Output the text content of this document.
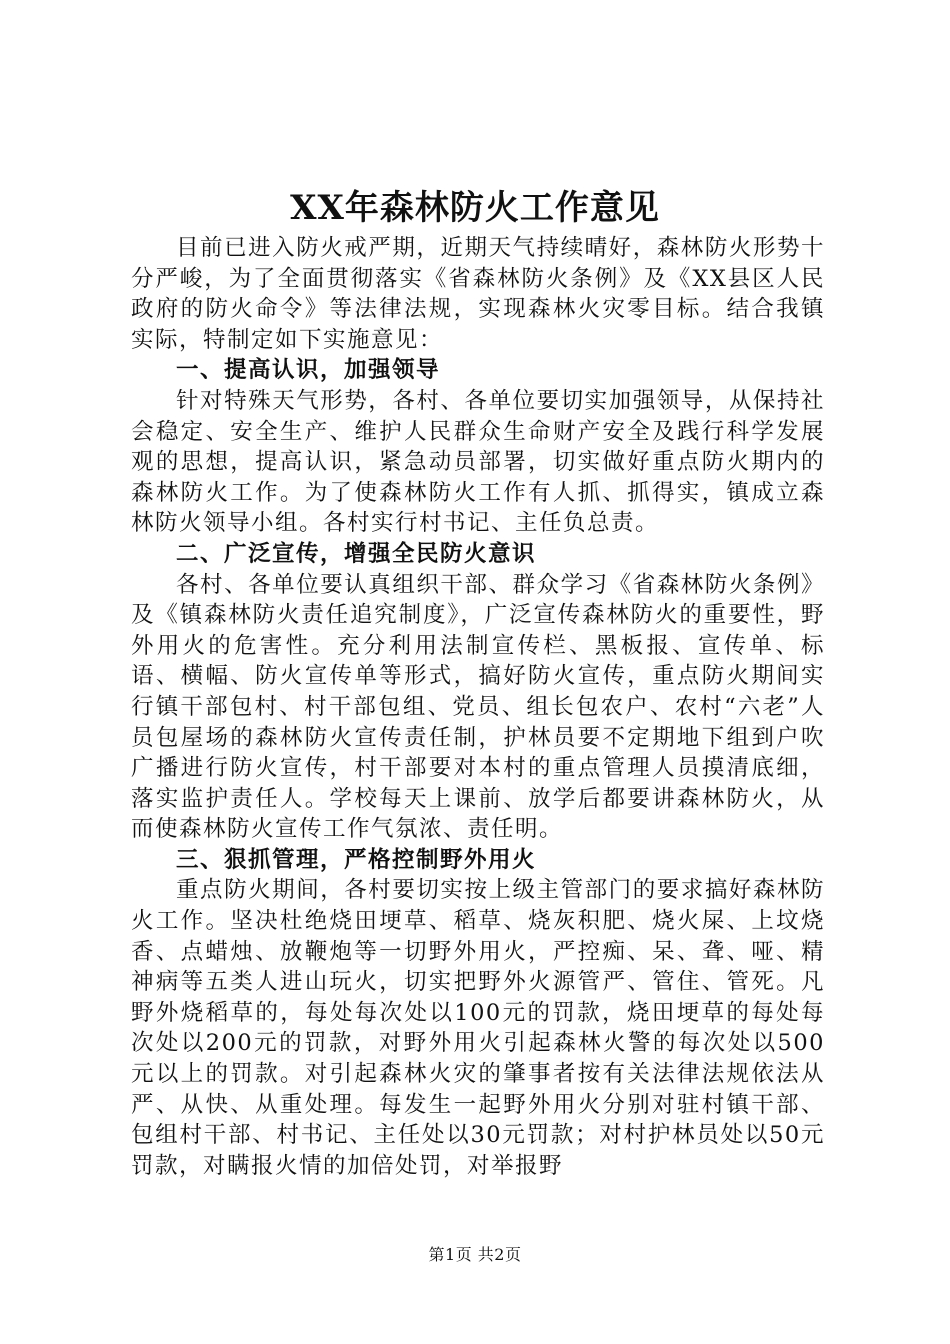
XX年森林防火工作意见

目前已进入防火戒严期，近期天气持续晴好，森林防火形势十分严峻，为了全面贯彻落实《省森林防火条例》及《XX县区人民政府的防火命令》等法律法规，实现森林火灾零目标。结合我镇实际，特制定如下实施意见：

一、提高认识，加强领导

针对特殊天气形势，各村、各单位要切实加强领导，从保持社会稳定、安全生产、维护人民群众生命财产安全及践行科学发展观的思想，提高认识，紧急动员部署，切实做好重点防火期内的森林防火工作。为了使森林防火工作有人抓、抓得实，镇成立森林防火领导小组。各村实行村书记、主任负总责。

二、广泛宣传，增强全民防火意识

各村、各单位要认真组织干部、群众学习《省森林防火条例》及《镇森林防火责任追究制度》，广泛宣传森林防火的重要性，野外用火的危害性。充分利用法制宣传栏、黑板报、宣传单、标语、横幅、防火宣传单等形式，搞好防火宣传，重点防火期间实行镇干部包村、村干部包组、党员、组长包农户、农村“六老”人员包屋场的森林防火宣传责任制，护林员要不定期地下组到户吹广播进行防火宣传，村干部要对本村的重点管理人员摸清底细，落实监护责任人。学校每天上课前、放学后都要讲森林防火，从而使森林防火宣传工作气氛浓、责任明。

三、狠抓管理，严格控制野外用火

重点防火期间，各村要切实按上级主管部门的要求搞好森林防火工作。坚决杜绝烧田埂草、稻草、烧灰积肥、烧火屎、上坟烧香、点蜡烛、放鞭炮等一切野外用火，严控痴、呆、聋、哑、精神病等五类人进山玩火，切实把野外火源管严、管住、管死。凡野外烧稻草的，每处每次处以100元的罚款，烧田埂草的每处每次处以200元的罚款，对野外用火引起森林火警的每次处以500元以上的罚款。对引起森林火灾的肇事者按有关法律法规依法从严、从快、从重处理。每发生一起野外用火分别对驻村镇干部、包组村干部、村书记、主任处以30元罚款；对村护林员处以50元罚款，对瞒报火情的加倍处罚，对举报野

第1页 共2页
